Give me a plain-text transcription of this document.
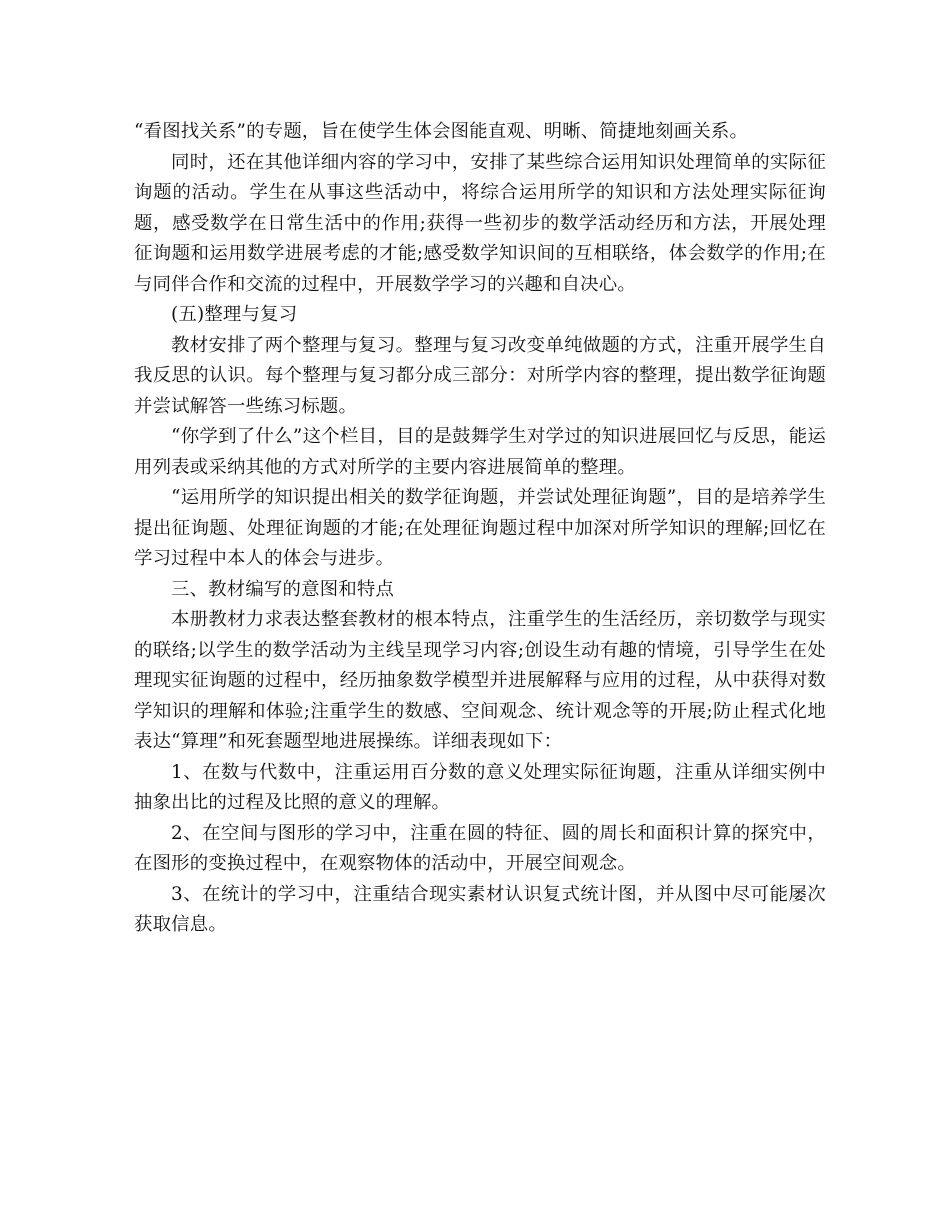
“看图找关系”的专题，旨在使学生体会图能直观、明晰、简捷地刻画关系。

同时，还在其他详细内容的学习中，安排了某些综合运用知识处理简单的实际征询题的活动。学生在从事这些活动中，将综合运用所学的知识和方法处理实际征询题，感受数学在日常生活中的作用;获得一些初步的数学活动经历和方法，开展处理征询题和运用数学进展考虑的才能;感受数学知识间的互相联络，体会数学的作用;在与同伴合作和交流的过程中，开展数学学习的兴趣和自决心。

(五)整理与复习

教材安排了两个整理与复习。整理与复习改变单纯做题的方式，注重开展学生自我反思的认识。每个整理与复习都分成三部分：对所学内容的整理，提出数学征询题并尝试解答一些练习标题。

“你学到了什么”这个栏目，目的是鼓舞学生对学过的知识进展回忆与反思，能运用列表或采纳其他的方式对所学的主要内容进展简单的整理。

“运用所学的知识提出相关的数学征询题，并尝试处理征询题”，目的是培养学生提出征询题、处理征询题的才能;在处理征询题过程中加深对所学知识的理解;回忆在学习过程中本人的体会与进步。

三、教材编写的意图和特点

本册教材力求表达整套教材的根本特点，注重学生的生活经历，亲切数学与现实的联络;以学生的数学活动为主线呈现学习内容;创设生动有趣的情境，引导学生在处理现实征询题的过程中，经历抽象数学模型并进展解释与应用的过程，从中获得对数学知识的理解和体验;注重学生的数感、空间观念、统计观念等的开展;防止程式化地表达“算理”和死套题型地进展操练。详细表现如下：

1、在数与代数中，注重运用百分数的意义处理实际征询题，注重从详细实例中抽象出比的过程及比照的意义的理解。

2、在空间与图形的学习中，注重在圆的特征、圆的周长和面积计算的探究中，在图形的变换过程中，在观察物体的活动中，开展空间观念。

3、在统计的学习中，注重结合现实素材认识复式统计图，并从图中尽可能屡次获取信息。
